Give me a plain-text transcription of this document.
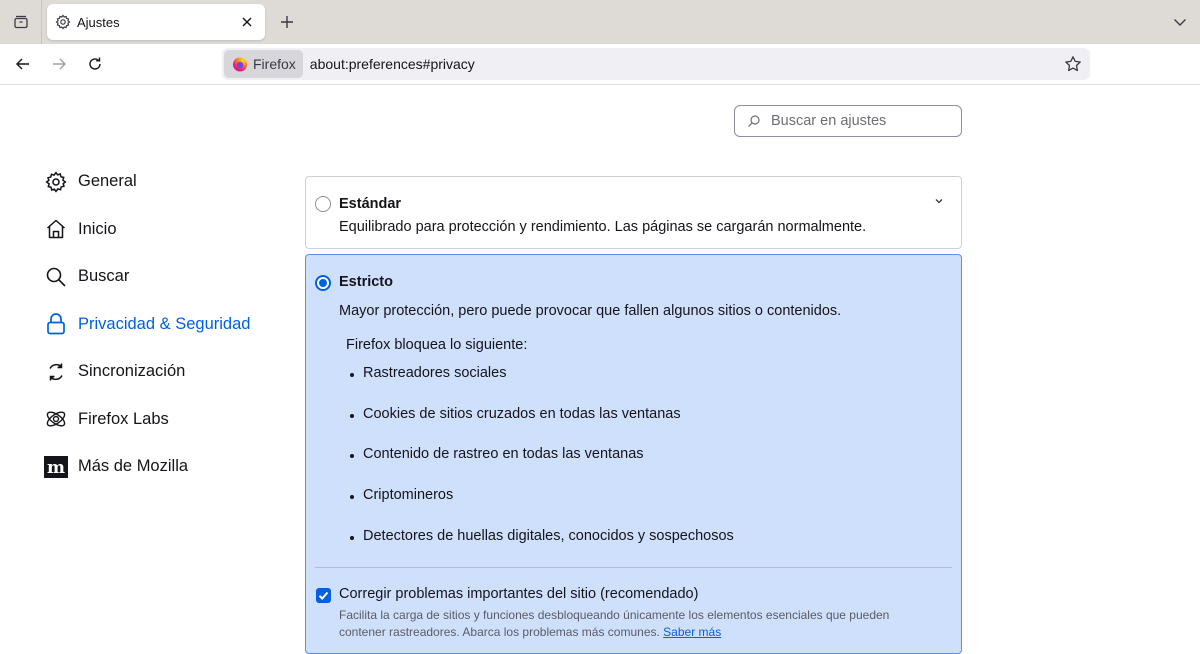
Ajustes
Firefox about:preferences#privacy
Buscar en ajustes
General
Inicio
Buscar
Privacidad & Seguridad
Sincronización
Firefox Labs
m Más de Mozilla
Estándar
Equilibrado para protección y rendimiento. Las páginas se cargarán normalmente.
Estricto
Mayor protección, pero puede provocar que fallen algunos sitios o contenidos.
Firefox bloquea lo siguiente:
Rastreadores sociales
Cookies de sitios cruzados en todas las ventanas
Contenido de rastreo en todas las ventanas
Criptomineros
Detectores de huellas digitales, conocidos y sospechosos
Corregir problemas importantes del sitio (recomendado)
Facilita la carga de sitios y funciones desbloqueando únicamente los elementos esenciales que pueden contener rastreadores. Abarca los problemas más comunes. Saber más
